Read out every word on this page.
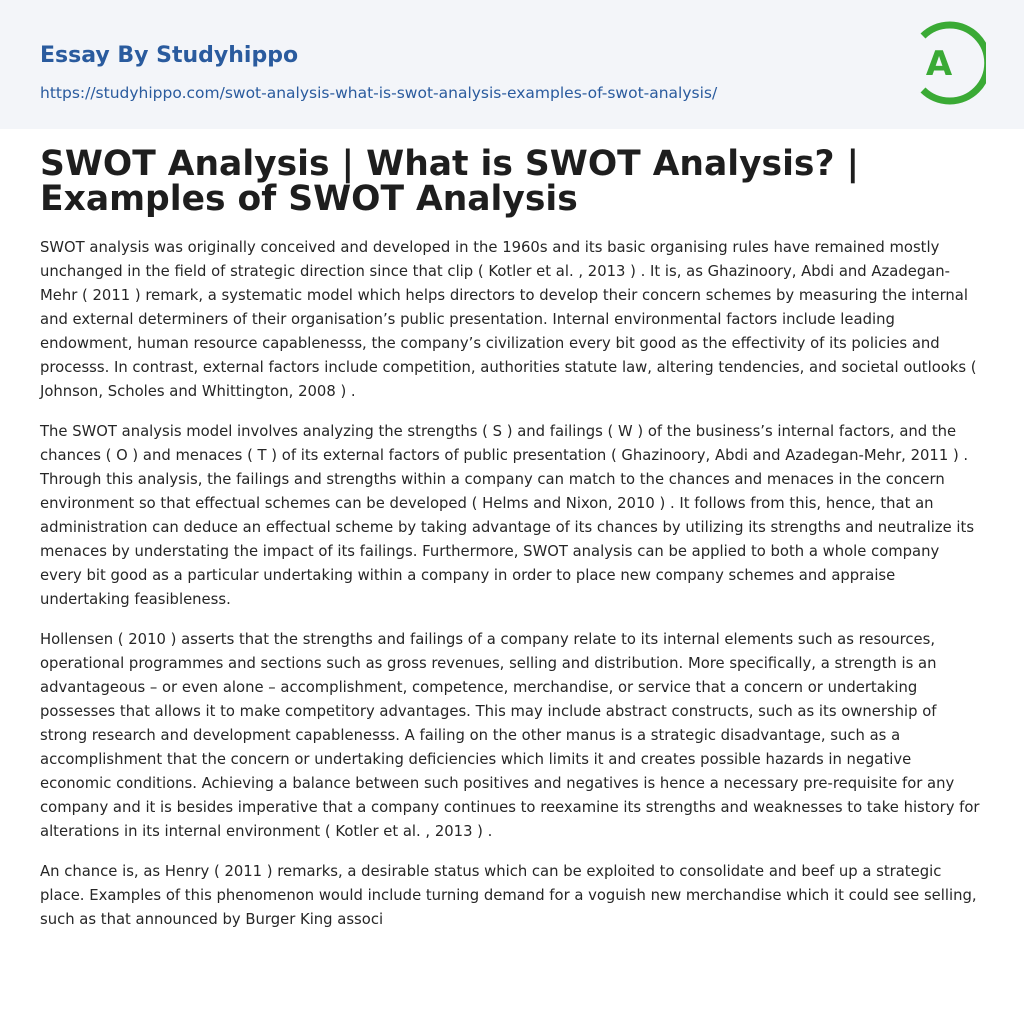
Essay By Studyhippo
https://studyhippo.com/swot-analysis-what-is-swot-analysis-examples-of-swot-analysis/
A
SWOT Analysis | What is SWOT Analysis? | Examples of SWOT Analysis

SWOT analysis was originally conceived and developed in the 1960s and its basic organising rules have remained mostly unchanged in the field of strategic direction since that clip ( Kotler et al. , 2013 ) . It is, as Ghazinoory, Abdi and Azadegan-Mehr ( 2011 ) remark, a systematic model which helps directors to develop their concern schemes by measuring the internal and external determiners of their organisation’s public presentation. Internal environmental factors include leading endowment, human resource capablenesss, the company’s civilization every bit good as the effectivity of its policies and processs. In contrast, external factors include competition, authorities statute law, altering tendencies, and societal outlooks ( Johnson, Scholes and Whittington, 2008 ) .

The SWOT analysis model involves analyzing the strengths ( S ) and failings ( W ) of the business’s internal factors, and the chances ( O ) and menaces ( T ) of its external factors of public presentation ( Ghazinoory, Abdi and Azadegan-Mehr, 2011 ) . Through this analysis, the failings and strengths within a company can match to the chances and menaces in the concern environment so that effectual schemes can be developed ( Helms and Nixon, 2010 ) . It follows from this, hence, that an administration can deduce an effectual scheme by taking advantage of its chances by utilizing its strengths and neutralize its menaces by understating the impact of its failings. Furthermore, SWOT analysis can be applied to both a whole company every bit good as a particular undertaking within a company in order to place new company schemes and appraise undertaking feasibleness.

Hollensen ( 2010 ) asserts that the strengths and failings of a company relate to its internal elements such as resources, operational programmes and sections such as gross revenues, selling and distribution. More specifically, a strength is an advantageous – or even alone – accomplishment, competence, merchandise, or service that a concern or undertaking possesses that allows it to make competitory advantages. This may include abstract constructs, such as its ownership of strong research and development capablenesss. A failing on the other manus is a strategic disadvantage, such as a accomplishment that the concern or undertaking deficiencies which limits it and creates possible hazards in negative economic conditions. Achieving a balance between such positives and negatives is hence a necessary pre-requisite for any company and it is besides imperative that a company continues to reexamine its strengths and weaknesses to take history for alterations in its internal environment ( Kotler et al. , 2013 ) .

An chance is, as Henry ( 2011 ) remarks, a desirable status which can be exploited to consolidate and beef up a strategic place. Examples of this phenomenon would include turning demand for a voguish new merchandise which it could see selling, such as that announced by Burger King associ
